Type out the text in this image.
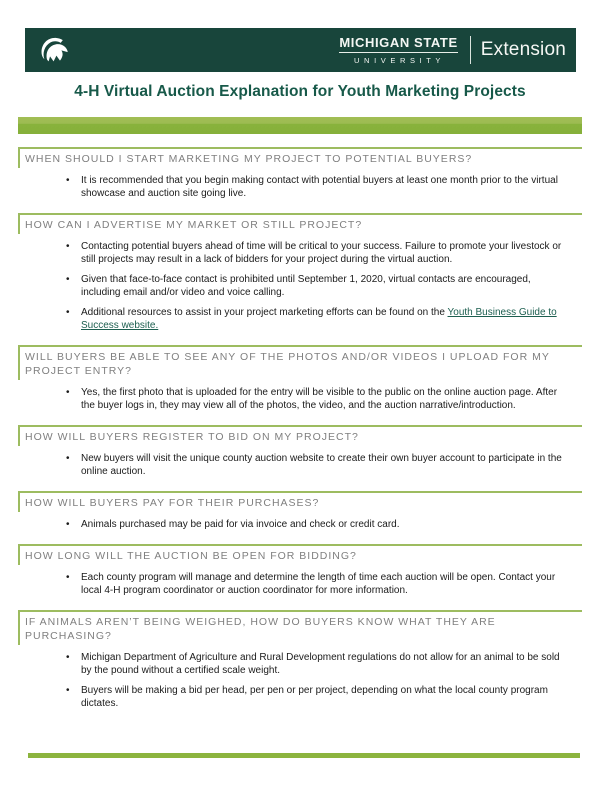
MICHIGAN STATE
UNIVERSITY
Extension
4-H Virtual Auction Explanation for Youth Marketing Projects
WHEN SHOULD I START MARKETING MY PROJECT TO POTENTIAL BUYERS?
• It is recommended that you begin making contact with potential buyers at least one month prior to the virtual showcase and auction site going live.
HOW CAN I ADVERTISE MY MARKET OR STILL PROJECT?
• Contacting potential buyers ahead of time will be critical to your success. Failure to promote your livestock or still projects may result in a lack of bidders for your project during the virtual auction.
• Given that face-to-face contact is prohibited until September 1, 2020, virtual contacts are encouraged, including email and/or video and voice calling.
• Additional resources to assist in your project marketing efforts can be found on the Youth Business Guide to Success website.
WILL BUYERS BE ABLE TO SEE ANY OF THE PHOTOS AND/OR VIDEOS I UPLOAD FOR MY PROJECT ENTRY?
• Yes, the first photo that is uploaded for the entry will be visible to the public on the online auction page. After the buyer logs in, they may view all of the photos, the video, and the auction narrative/introduction.
HOW WILL BUYERS REGISTER TO BID ON MY PROJECT?
• New buyers will visit the unique county auction website to create their own buyer account to participate in the online auction.
HOW WILL BUYERS PAY FOR THEIR PURCHASES?
• Animals purchased may be paid for via invoice and check or credit card.
HOW LONG WILL THE AUCTION BE OPEN FOR BIDDING?
• Each county program will manage and determine the length of time each auction will be open. Contact your local 4-H program coordinator or auction coordinator for more information.
IF ANIMALS AREN’T BEING WEIGHED, HOW DO BUYERS KNOW WHAT THEY ARE PURCHASING?
• Michigan Department of Agriculture and Rural Development regulations do not allow for an animal to be sold by the pound without a certified scale weight.
• Buyers will be making a bid per head, per pen or per project, depending on what the local county program dictates.
